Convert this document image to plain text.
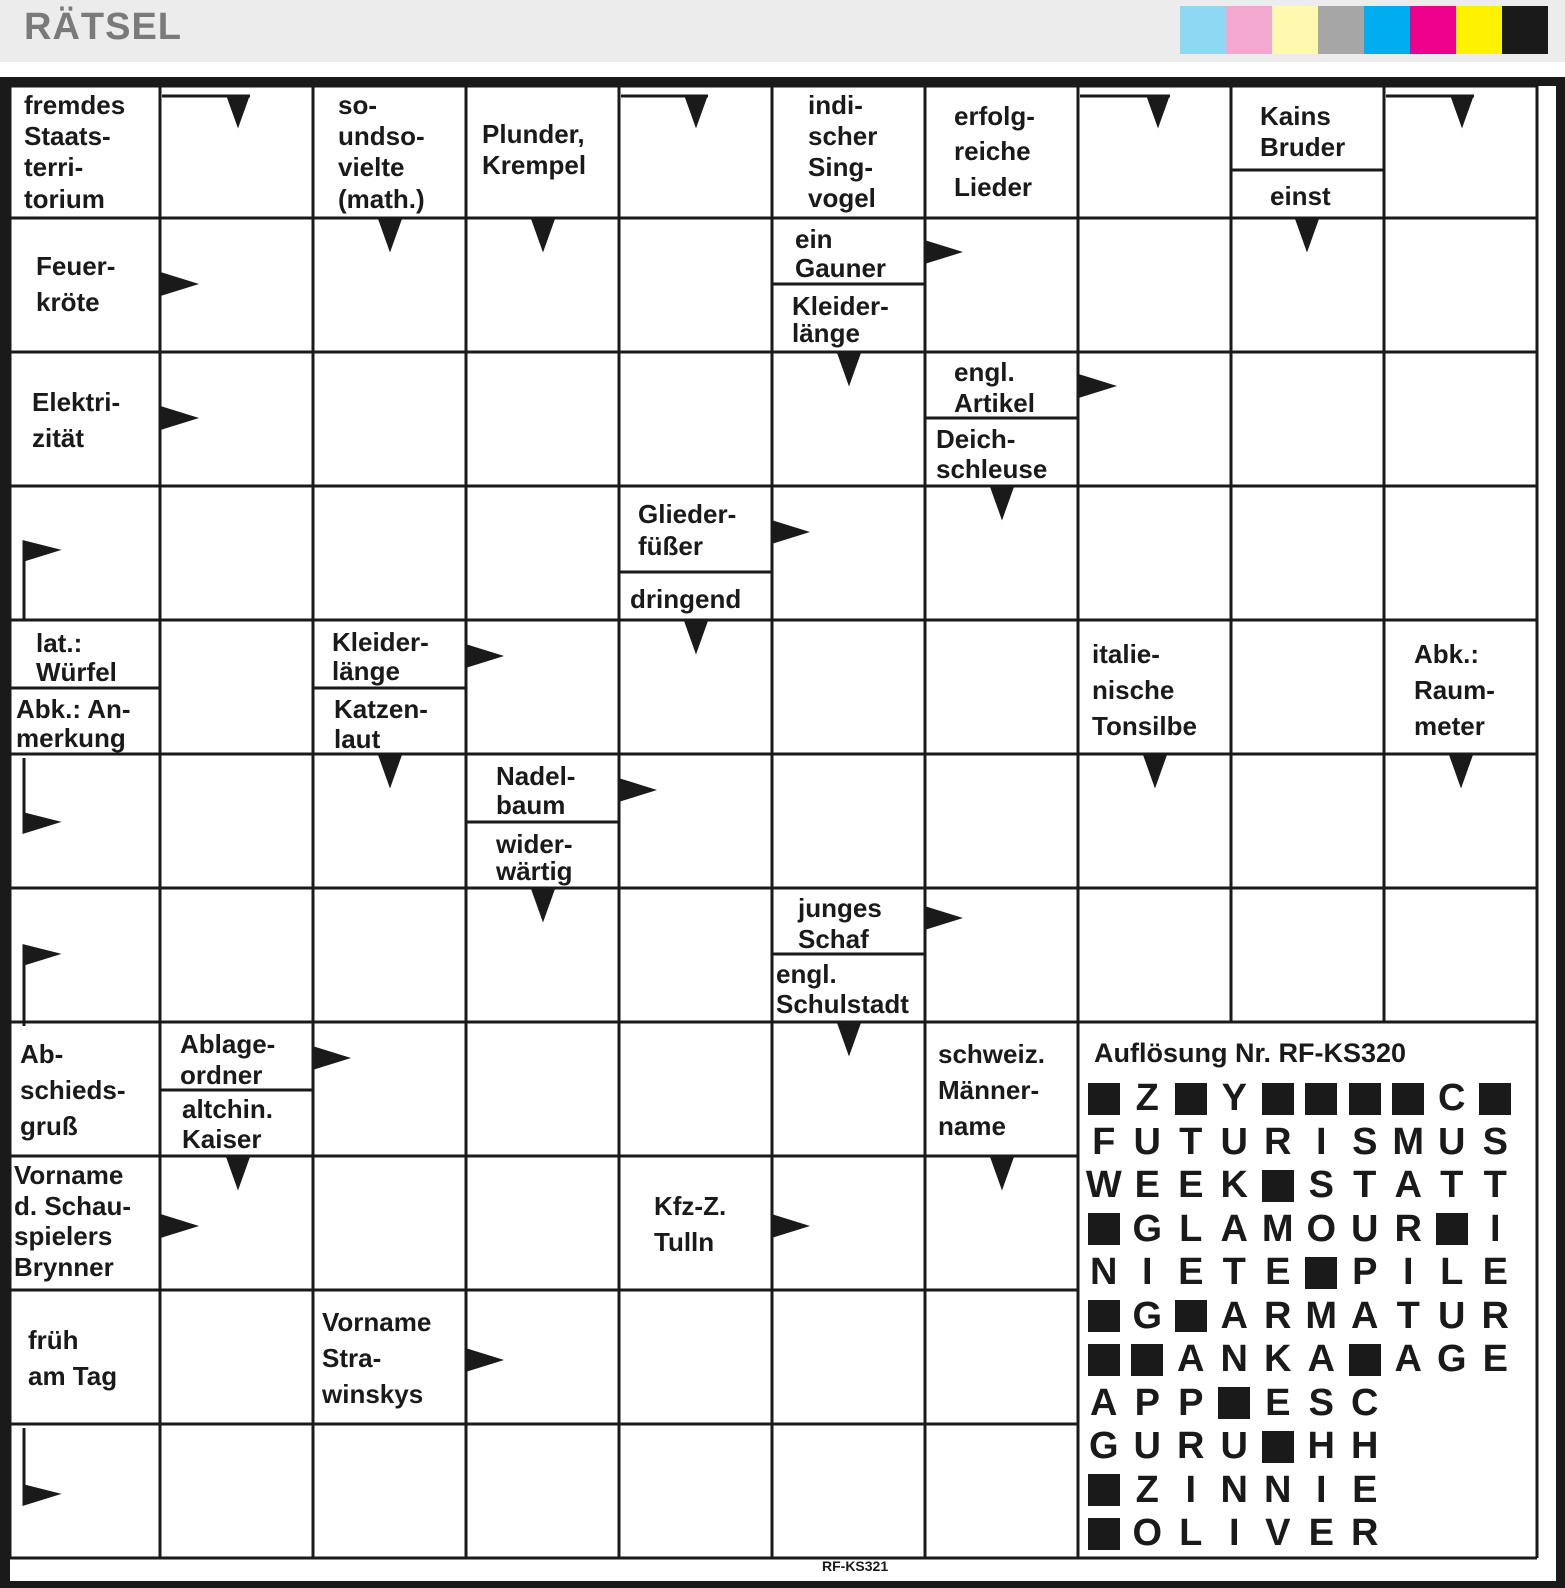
RÄTSEL
fremdes
Staats-
terri-
torium
so-
undso-
vielte
(math.)
Plunder,
Krempel
indi-
scher
Sing-
vogel
erfolg-
reiche
Lieder
Kains
Bruder
einst
Feuer-
kröte
ein
Gauner
Kleider-
länge
Elektri-
zität
engl.
Artikel
Deich-
schleuse
Glieder-
füßer
dringend
lat.:
Würfel
Abk.: An-
merkung
Kleider-
länge
Katzen-
laut
italie-
nische
Tonsilbe
Abk.:
Raum-
meter
Nadel-
baum
wider-
wärtig
junges
Schaf
engl.
Schulstadt
Ab-
schieds-
gruß
Ablage-
ordner
altchin.
Kaiser
schweiz.
Männer-
name
Vorname
d. Schau-
spielers
Brynner
Kfz-Z.
Tulln
früh
am Tag
Vorname
Stra-
winskys
Auflösung Nr. RF-KS320
Z Y	C
F U T U R I S M U S
W E E K S T A T T
G L A M O U R	I
N I E T E P I L E
G A R M A T U R
A N K A A G E
A P P E S C
G U R U H H
Z I N N I E
O L I V E R
RF-KS321
